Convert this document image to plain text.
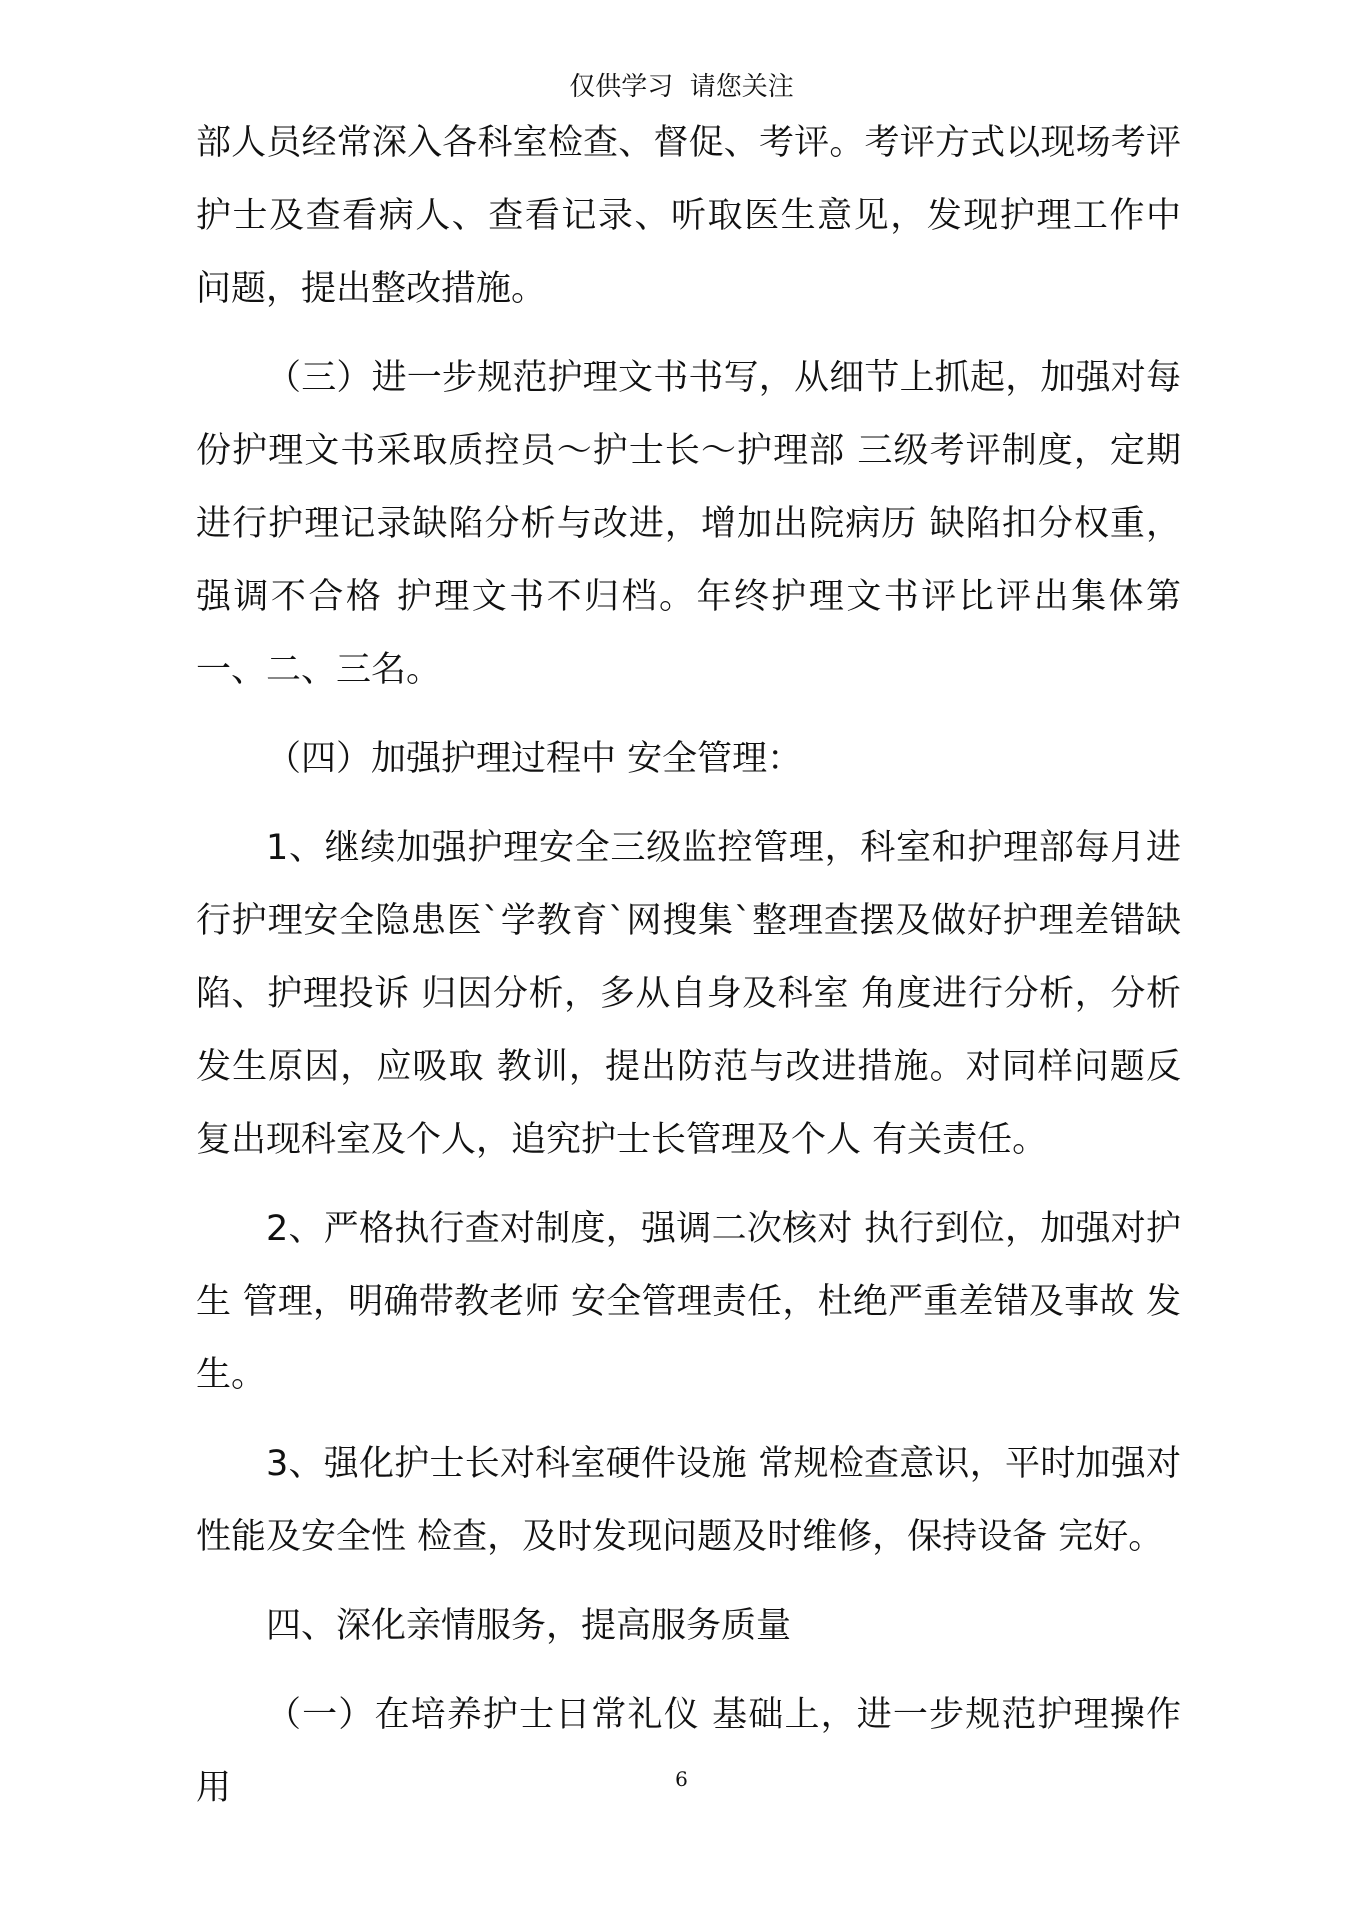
仅供学习  请您关注

部人员经常深入各科室检查、督促、考评。考评方式以现场考评护士及查看病人、查看记录、听取医生意见，发现护理工作中 问题，提出整改措施。

（三）进一步规范护理文书书写，从细节上抓起，加强对每份护理文书采取质控员～护士长～护理部 三级考评制度，定期进行护理记录缺陷分析与改进，增加出院病历 缺陷扣分权重，强调不合格 护理文书不归档。年终护理文书评比评出集体第一、二、三名。

（四）加强护理过程中 安全管理：

1、继续加强护理安全三级监控管理，科室和护理部每月进行护理安全隐患医`学教育`网搜集`整理查摆及做好护理差错缺陷、护理投诉 归因分析，多从自身及科室 角度进行分析，分析发生原因，应吸取 教训，提出防范与改进措施。对同样问题反复出现科室及个人，追究护士长管理及个人 有关责任。

2、严格执行查对制度，强调二次核对 执行到位，加强对护生 管理，明确带教老师 安全管理责任，杜绝严重差错及事故 发生。

3、强化护士长对科室硬件设施 常规检查意识，平时加强对性能及安全性 检查，及时发现问题及时维修，保持设备 完好。

四、深化亲情服务，提高服务质量

（一）在培养护士日常礼仪 基础上，进一步规范护理操作用	6
